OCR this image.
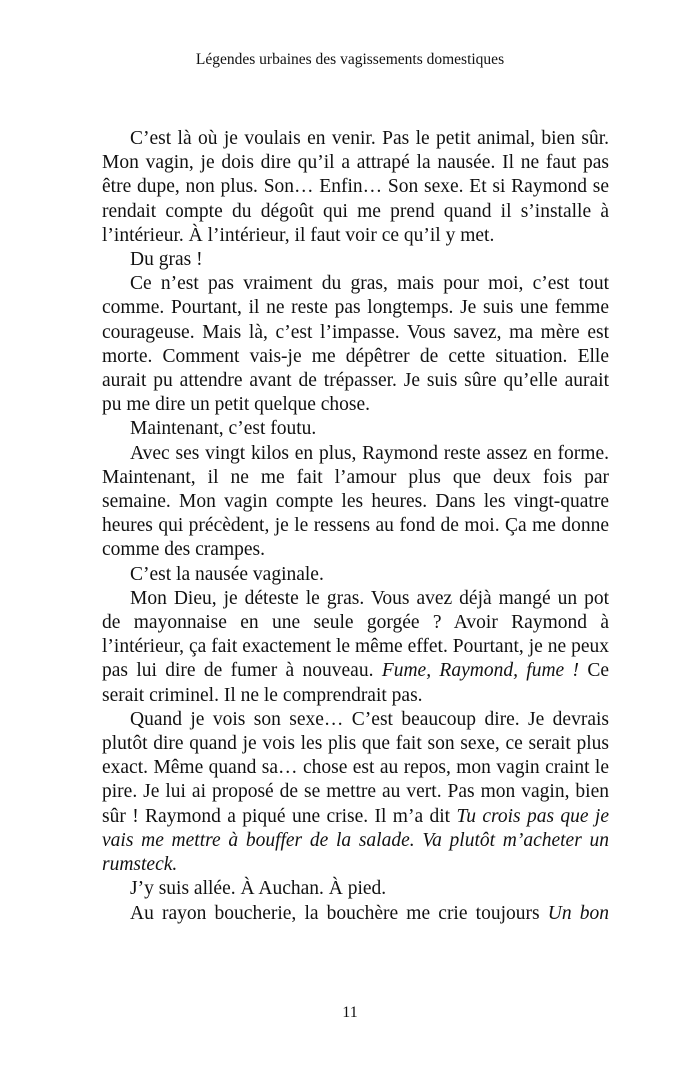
Légendes urbaines des vagissements domestiques

C’est là où je voulais en venir. Pas le petit animal, bien sûr. Mon vagin, je dois dire qu’il a attrapé la nausée. Il ne faut pas être dupe, non plus. Son… Enfin… Son sexe. Et si Raymond se rendait compte du dégoût qui me prend quand il s’installe à l’intérieur. À l’intérieur, il faut voir ce qu’il y met.

Du gras !

Ce n’est pas vraiment du gras, mais pour moi, c’est tout comme. Pourtant, il ne reste pas longtemps. Je suis une femme courageuse. Mais là, c’est l’impasse. Vous savez, ma mère est morte. Comment vais-je me dépêtrer de cette situation. Elle aurait pu attendre avant de trépasser. Je suis sûre qu’elle aurait pu me dire un petit quelque chose.

Maintenant, c’est foutu.

Avec ses vingt kilos en plus, Raymond reste assez en forme. Maintenant, il ne me fait l’amour plus que deux fois par semaine. Mon vagin compte les heures. Dans les vingt-quatre heures qui précèdent, je le ressens au fond de moi. Ça me donne comme des crampes.

C’est la nausée vaginale.

Mon Dieu, je déteste le gras. Vous avez déjà mangé un pot de mayonnaise en une seule gorgée ? Avoir Raymond à l’intérieur, ça fait exactement le même effet. Pourtant, je ne peux pas lui dire de fumer à nouveau. Fume, Raymond, fume ! Ce serait criminel. Il ne le comprendrait pas.

Quand je vois son sexe… C’est beaucoup dire. Je devrais plutôt dire quand je vois les plis que fait son sexe, ce serait plus exact. Même quand sa… chose est au repos, mon vagin craint le pire. Je lui ai proposé de se mettre au vert. Pas mon vagin, bien sûr ! Raymond a piqué une crise. Il m’a dit Tu crois pas que je vais me mettre à bouffer de la salade. Va plutôt m’acheter un rumsteck.

J’y suis allée. À Auchan. À pied.

Au rayon boucherie, la bouchère me crie toujours Un bon

11
